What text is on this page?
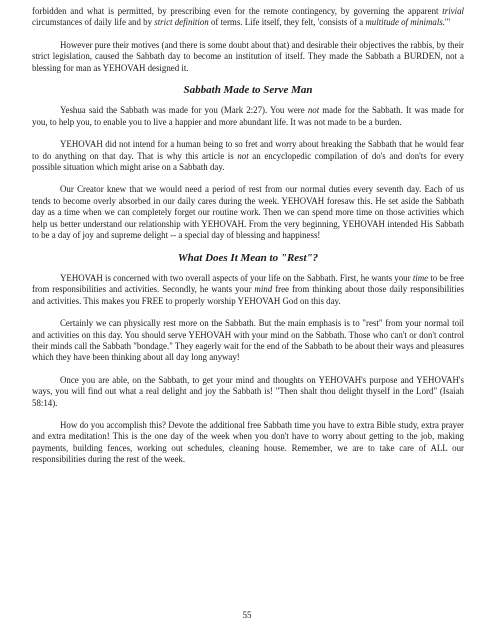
forbidden and what is permitted, by prescribing even for the remote contingency, by governing the apparent trivial circumstances of daily life and by strict definition of terms. Life itself, they felt, 'consists of a multitude of minimals.'"

However pure their motives (and there is some doubt about that) and desirable their objectives the rabbis, by their strict legislation, caused the Sabbath day to become an institution of itself. They made the Sabbath a BURDEN, not a blessing for man as YEHOVAH designed it.

Sabbath Made to Serve Man

Yeshua said the Sabbath was made for you (Mark 2:27). You were not made for the Sabbath. It was made for you, to help you, to enable you to live a happier and more abundant life. It was not made to be a burden.

YEHOVAH did not intend for a human being to so fret and worry about breaking the Sabbath that he would fear to do anything on that day. That is why this article is not an encyclopedic compilation of do's and don'ts for every possible situation which might arise on a Sabbath day.

Our Creator knew that we would need a period of rest from our normal duties every seventh day. Each of us tends to become overly absorbed in our daily cares during the week. YEHOVAH foresaw this. He set aside the Sabbath day as a time when we can completely forget our routine work. Then we can spend more time on those activities which help us better understand our relationship with YEHOVAH. From the very beginning, YEHOVAH intended His Sabbath to be a day of joy and supreme delight -- a special day of blessing and happiness!

What Does It Mean to "Rest"?

YEHOVAH is concerned with two overall aspects of your life on the Sabbath. First, he wants your time to be free from responsibilities and activities. Secondly, he wants your mind free from thinking about those daily responsibilities and activities. This makes you FREE to properly worship YEHOVAH God on this day.

Certainly we can physically rest more on the Sabbath. But the main emphasis is to "rest" from your normal toil and activities on this day. You should serve YEHOVAH with your mind on the Sabbath. Those who can't or don't control their minds call the Sabbath "bondage." They eagerly wait for the end of the Sabbath to be about their ways and pleasures which they have been thinking about all day long anyway!

Once you are able, on the Sabbath, to get your mind and thoughts on YEHOVAH's purpose and YEHOVAH's ways, you will find out what a real delight and joy the Sabbath is! "Then shalt thou delight thyself in the Lord" (Isaiah 58:14).

How do you accomplish this? Devote the additional free Sabbath time you have to extra Bible study, extra prayer and extra meditation! This is the one day of the week when you don't have to worry about getting to the job, making payments, building fences, working out schedules, cleaning house. Remember, we are to take care of ALL our responsibilities during the rest of the week.

55
